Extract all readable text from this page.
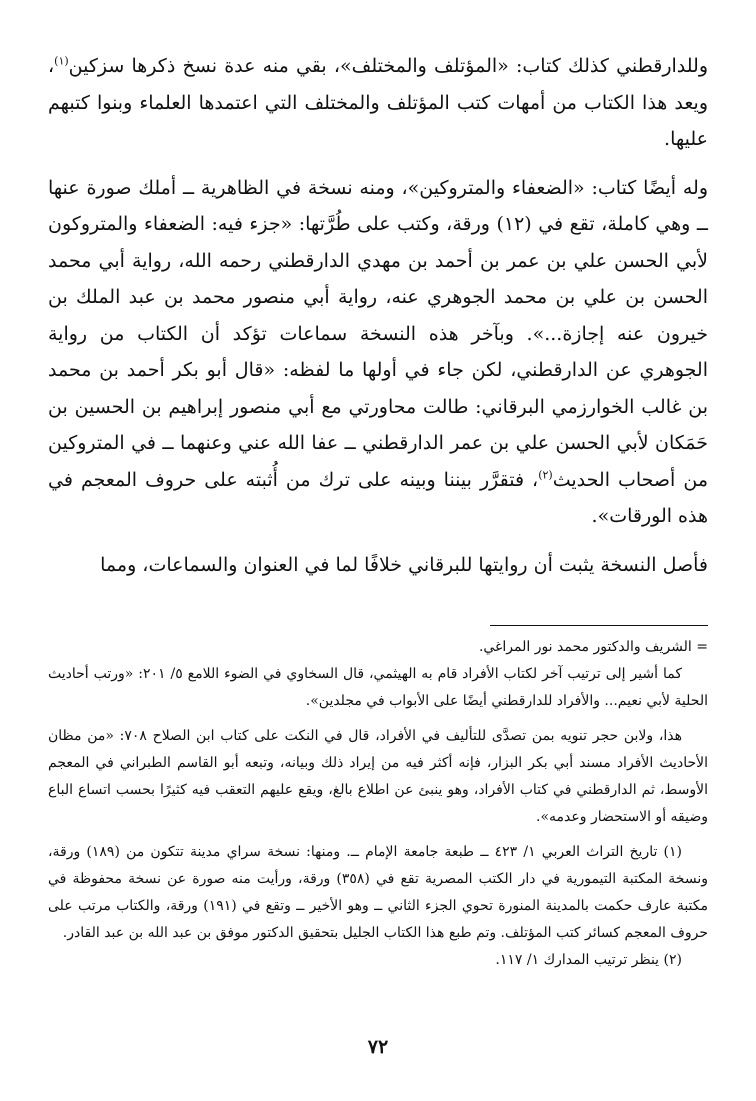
وللدارقطني كذلك كتاب: «المؤتلف والمختلف»، بقي منه عدة نسخ ذكرها سزكين$^{(١)}$، ويعد هذا الكتاب من أمهات كتب المؤتلف والمختلف التي اعتمدها العلماء وبنوا كتبهم عليها.

وله أيضًا كتاب: «الضعفاء والمتروكين»، ومنه نسخة في الظاهرية ــ أملك صورة عنها ــ وهي كاملة، تقع في (١٢) ورقة، وكتب على طُرَّتها: «جزء فيه: الضعفاء والمتروكون لأبي الحسن علي بن عمر بن أحمد بن مهدي الدارقطني رحمه الله، رواية أبي محمد الحسن بن علي بن محمد الجوهري عنه، رواية أبي منصور محمد بن عبد الملك بن خيرون عنه إجازة...». وبآخر هذه النسخة سماعات تؤكد أن الكتاب من رواية الجوهري عن الدارقطني، لكن جاء في أولها ما لفظه: «قال أبو بكر أحمد بن محمد بن غالب الخوارزمي البرقاني: طالت محاورتي مع أبي منصور إبراهيم بن الحسين بن حَمَكان لأبي الحسن علي بن عمر الدارقطني ــ عفا الله عني وعنهما ــ في المتروكين من أصحاب الحديث$^{(٢)}$، فتقرَّر بيننا وبينه على ترك من أُثبته على حروف المعجم في هذه الورقات».

فأصل النسخة يثبت أن روايتها للبرقاني خلافًا لما في العنوان والسماعات، ومما

= الشريف والدكتور محمد نور المراغي.

كما أشير إلى ترتيب آخر لكتاب الأفراد قام به الهيثمي، قال السخاوي في الضوء اللامع ٥/ ٢٠١: «ورتب أحاديث الحلية لأبي نعيم... والأفراد للدارقطني أيضًا على الأبواب في مجلدين».

هذا، ولابن حجر تنويه بمن تصدَّى للتأليف في الأفراد، قال في النكت على كتاب ابن الصلاح ٧٠٨: «من مظان الأحاديث الأفراد مسند أبي بكر البزار، فإنه أكثر فيه من إيراد ذلك وبيانه، وتبعه أبو القاسم الطبراني في المعجم الأوسط، ثم الدارقطني في كتاب الأفراد، وهو ينبئ عن اطلاع بالغ، ويقع عليهم التعقب فيه كثيرًا بحسب اتساع الباع وضيقه أو الاستحضار وعدمه».

(١) تاريخ التراث العربي ١/ ٤٢٣ ــ طبعة جامعة الإمام ــ. ومنها: نسخة سراي مدينة تتكون من (١٨٩) ورقة، ونسخة المكتبة التيمورية في دار الكتب المصرية تقع في (٣٥٨) ورقة، ورأيت منه صورة عن نسخة محفوظة في مكتبة عارف حكمت بالمدينة المنورة تحوي الجزء الثاني ــ وهو الأخير ــ وتقع في (١٩١) ورقة، والكتاب مرتب على حروف المعجم كسائر كتب المؤتلف. وتم طبع هذا الكتاب الجليل بتحقيق الدكتور موفق بن عبد الله بن عبد القادر.

(٢) ينظر ترتيب المدارك ١/ ١١٧.

٧٢
